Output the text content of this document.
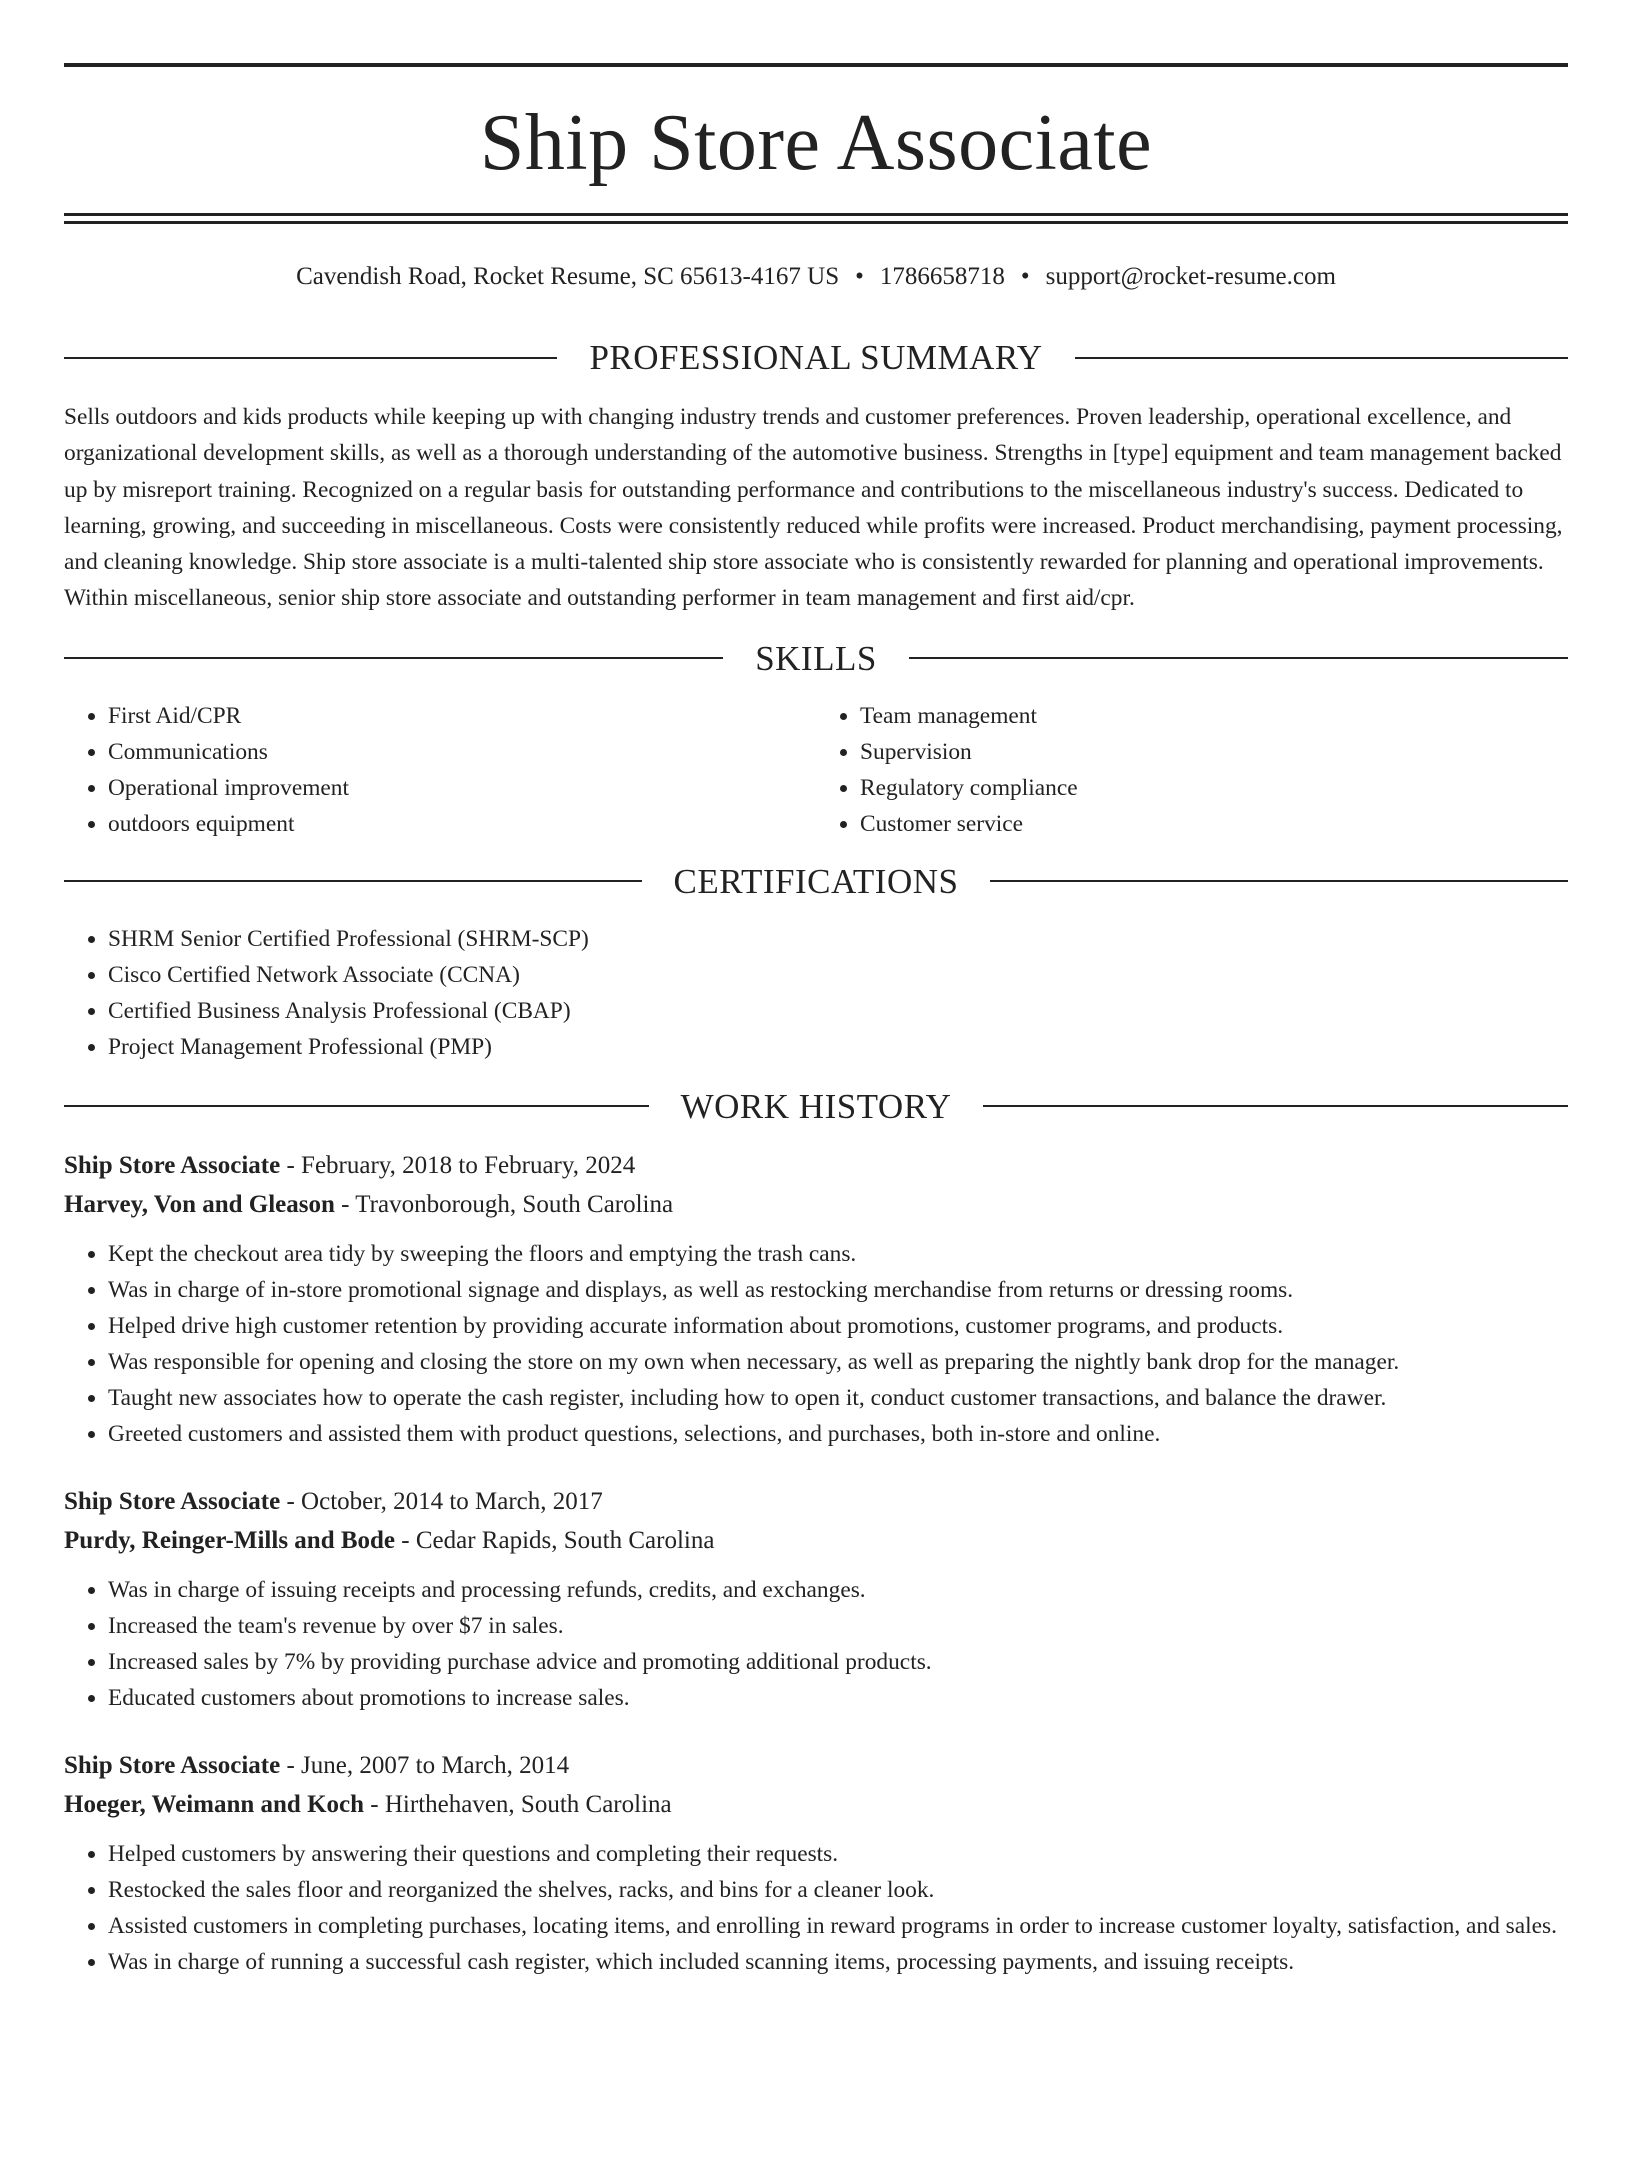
Ship Store Associate
Cavendish Road, Rocket Resume, SC 65613-4167 US • 1786658718 • support@rocket-resume.com
PROFESSIONAL SUMMARY

Sells outdoors and kids products while keeping up with changing industry trends and customer preferences. Proven leadership, operational excellence, and organizational development skills, as well as a thorough understanding of the automotive business. Strengths in [type] equipment and team management backed up by misreport training. Recognized on a regular basis for outstanding performance and contributions to the miscellaneous industry's success. Dedicated to learning, growing, and succeeding in miscellaneous. Costs were consistently reduced while profits were increased. Product merchandising, payment processing, and cleaning knowledge. Ship store associate is a multi-talented ship store associate who is consistently rewarded for planning and operational improvements. Within miscellaneous, senior ship store associate and outstanding performer in team management and first aid/cpr.

SKILLS
• First Aid/CPR
• Communications
• Operational improvement
• outdoors equipment
• Team management
• Supervision
• Regulatory compliance
• Customer service
CERTIFICATIONS
• SHRM Senior Certified Professional (SHRM-SCP)
• Cisco Certified Network Associate (CCNA)
• Certified Business Analysis Professional (CBAP)
• Project Management Professional (PMP)
WORK HISTORY
Ship Store Associate - February, 2018 to February, 2024
Harvey, Von and Gleason - Travonborough, South Carolina
• Kept the checkout area tidy by sweeping the floors and emptying the trash cans.
• Was in charge of in-store promotional signage and displays, as well as restocking merchandise from returns or dressing rooms.
• Helped drive high customer retention by providing accurate information about promotions, customer programs, and products.
• Was responsible for opening and closing the store on my own when necessary, as well as preparing the nightly bank drop for the manager.
• Taught new associates how to operate the cash register, including how to open it, conduct customer transactions, and balance the drawer.
• Greeted customers and assisted them with product questions, selections, and purchases, both in-store and online.
Ship Store Associate - October, 2014 to March, 2017
Purdy, Reinger-Mills and Bode - Cedar Rapids, South Carolina
• Was in charge of issuing receipts and processing refunds, credits, and exchanges.
• Increased the team's revenue by over $7 in sales.
• Increased sales by 7% by providing purchase advice and promoting additional products.
• Educated customers about promotions to increase sales.
Ship Store Associate - June, 2007 to March, 2014
Hoeger, Weimann and Koch - Hirthehaven, South Carolina
• Helped customers by answering their questions and completing their requests.
• Restocked the sales floor and reorganized the shelves, racks, and bins for a cleaner look.
• Assisted customers in completing purchases, locating items, and enrolling in reward programs in order to increase customer loyalty, satisfaction, and sales.
• Was in charge of running a successful cash register, which included scanning items, processing payments, and issuing receipts.
